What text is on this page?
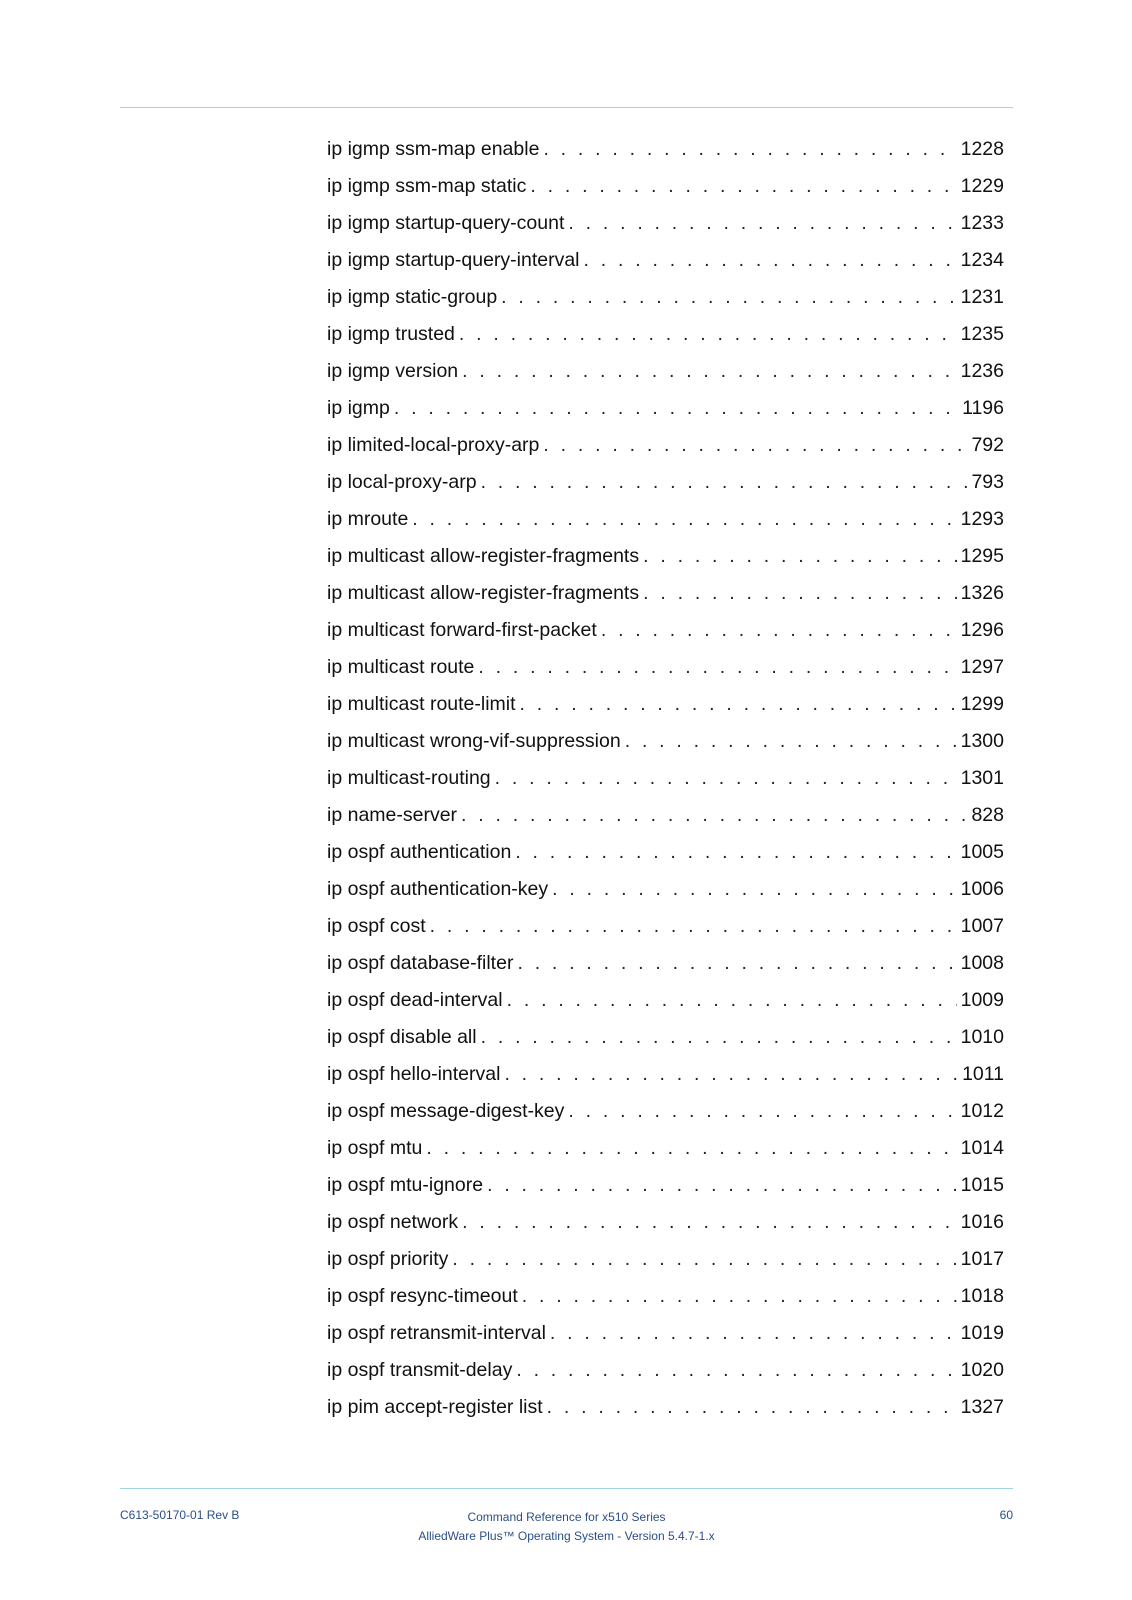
ip igmp ssm-map enable . . .	1228
ip igmp ssm-map static . . .	1229
ip igmp startup-query-count . . .	1233
ip igmp startup-query-interval . . .	1234
ip igmp static-group . . .	1231
ip igmp trusted . . .	1235
ip igmp version . . .	1236
ip igmp . . .	1196
ip limited-local-proxy-arp . . .	792
ip local-proxy-arp . . .	793
ip mroute . . .	1293
ip multicast allow-register-fragments . . .	1295
ip multicast allow-register-fragments . . .	1326
ip multicast forward-first-packet . . .	1296
ip multicast route . . .	1297
ip multicast route-limit . . .	1299
ip multicast wrong-vif-suppression . . .	1300
ip multicast-routing . . .	1301
ip name-server . . .	828
ip ospf authentication . . .	1005
ip ospf authentication-key . . .	1006
ip ospf cost . . .	1007
ip ospf database-filter . . .	1008
ip ospf dead-interval . . .	1009
ip ospf disable all . . .	1010
ip ospf hello-interval . . .	1011
ip ospf message-digest-key . . .	1012
ip ospf mtu . . .	1014
ip ospf mtu-ignore . . .	1015
ip ospf network . . .	1016
ip ospf priority . . .	1017
ip ospf resync-timeout . . .	1018
ip ospf retransmit-interval . . .	1019
ip ospf transmit-delay . . .	1020
ip pim accept-register list . . .	1327
C613-50170-01 Rev B	Command Reference for x510 Series
AlliedWare Plus™ Operating System - Version 5.4.7-1.x
60
